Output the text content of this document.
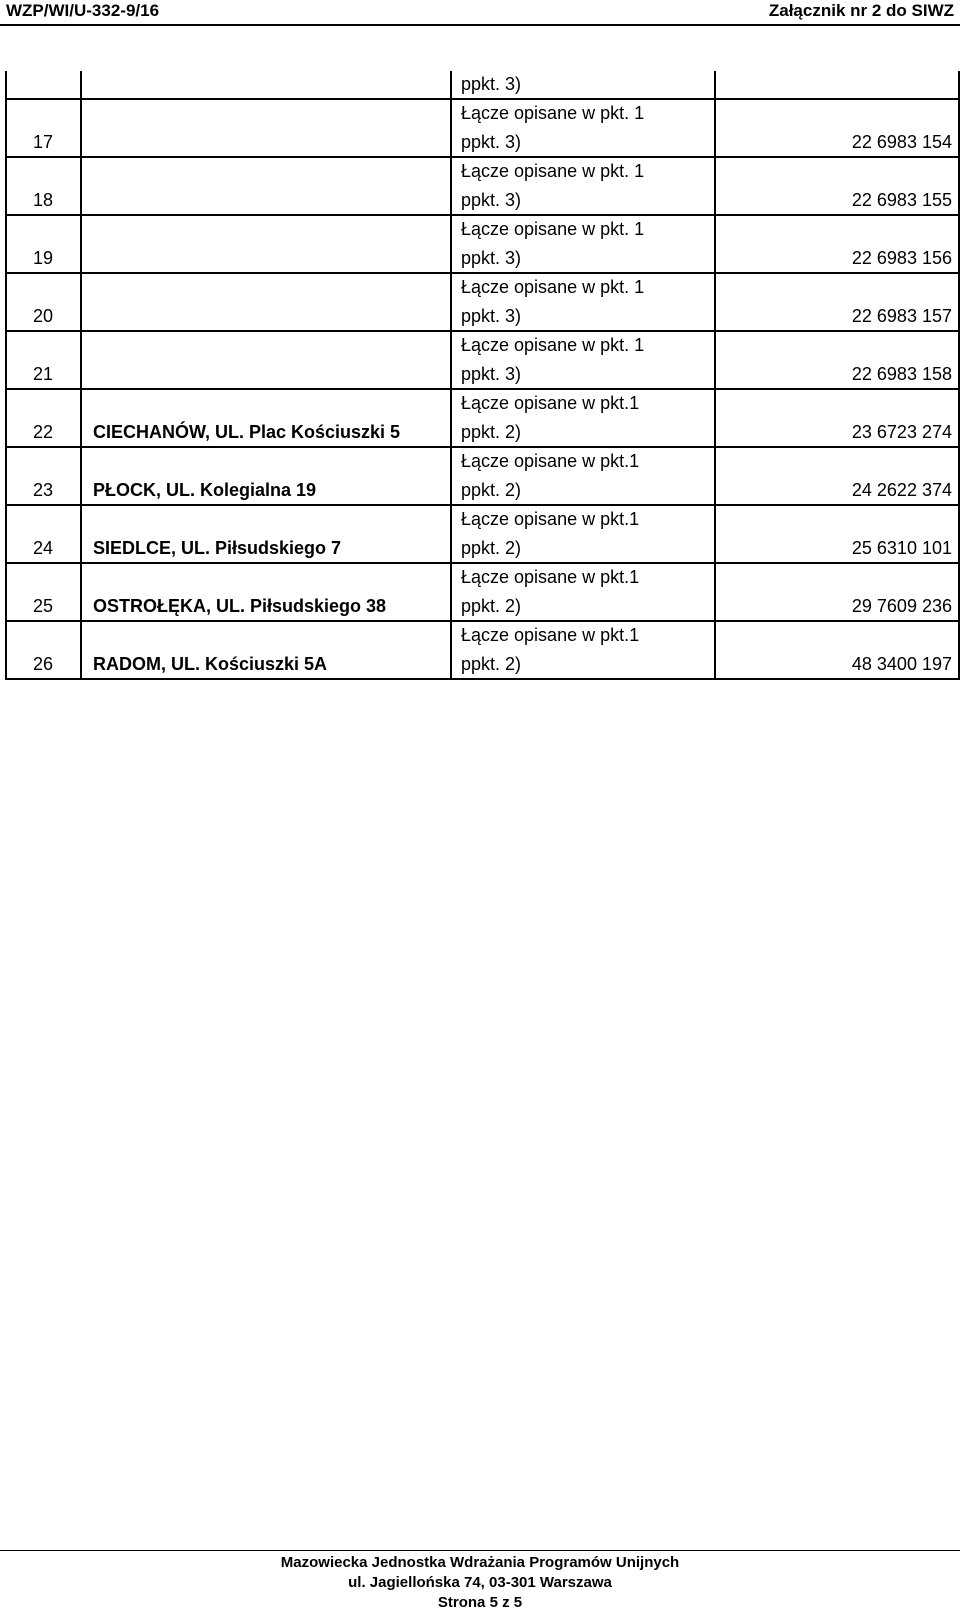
WZP/WI/U-332-9/16	Załącznik nr 2 do SIWZ

		ppkt. 3)	

17		Łącze opisane w pkt. 1
ppkt. 3)	22 6983 154
18		Łącze opisane w pkt. 1
ppkt. 3)	22 6983 155
19		Łącze opisane w pkt. 1
ppkt. 3)	22 6983 156
20		Łącze opisane w pkt. 1
ppkt. 3)	22 6983 157
21		Łącze opisane w pkt. 1
ppkt. 3)	22 6983 158
22	CIECHANÓW, UL. Plac Kościuszki 5	Łącze opisane w pkt.1
ppkt. 2)	23 6723 274
23	PŁOCK, UL. Kolegialna 19	Łącze opisane w pkt.1
ppkt. 2)	24 2622 374
24	SIEDLCE, UL. Piłsudskiego 7	Łącze opisane w pkt.1
ppkt. 2)	25 6310 101
25	OSTROŁĘKA, UL. Piłsudskiego 38	Łącze opisane w pkt.1
ppkt. 2)	29 7609 236
26	RADOM, UL. Kościuszki 5A	Łącze opisane w pkt.1
ppkt. 2)	48 3400 197
Mazowiecka Jednostka Wdrażania Programów Unijnych
ul. Jagiellońska 74, 03-301 Warszawa
Strona 5 z 5
